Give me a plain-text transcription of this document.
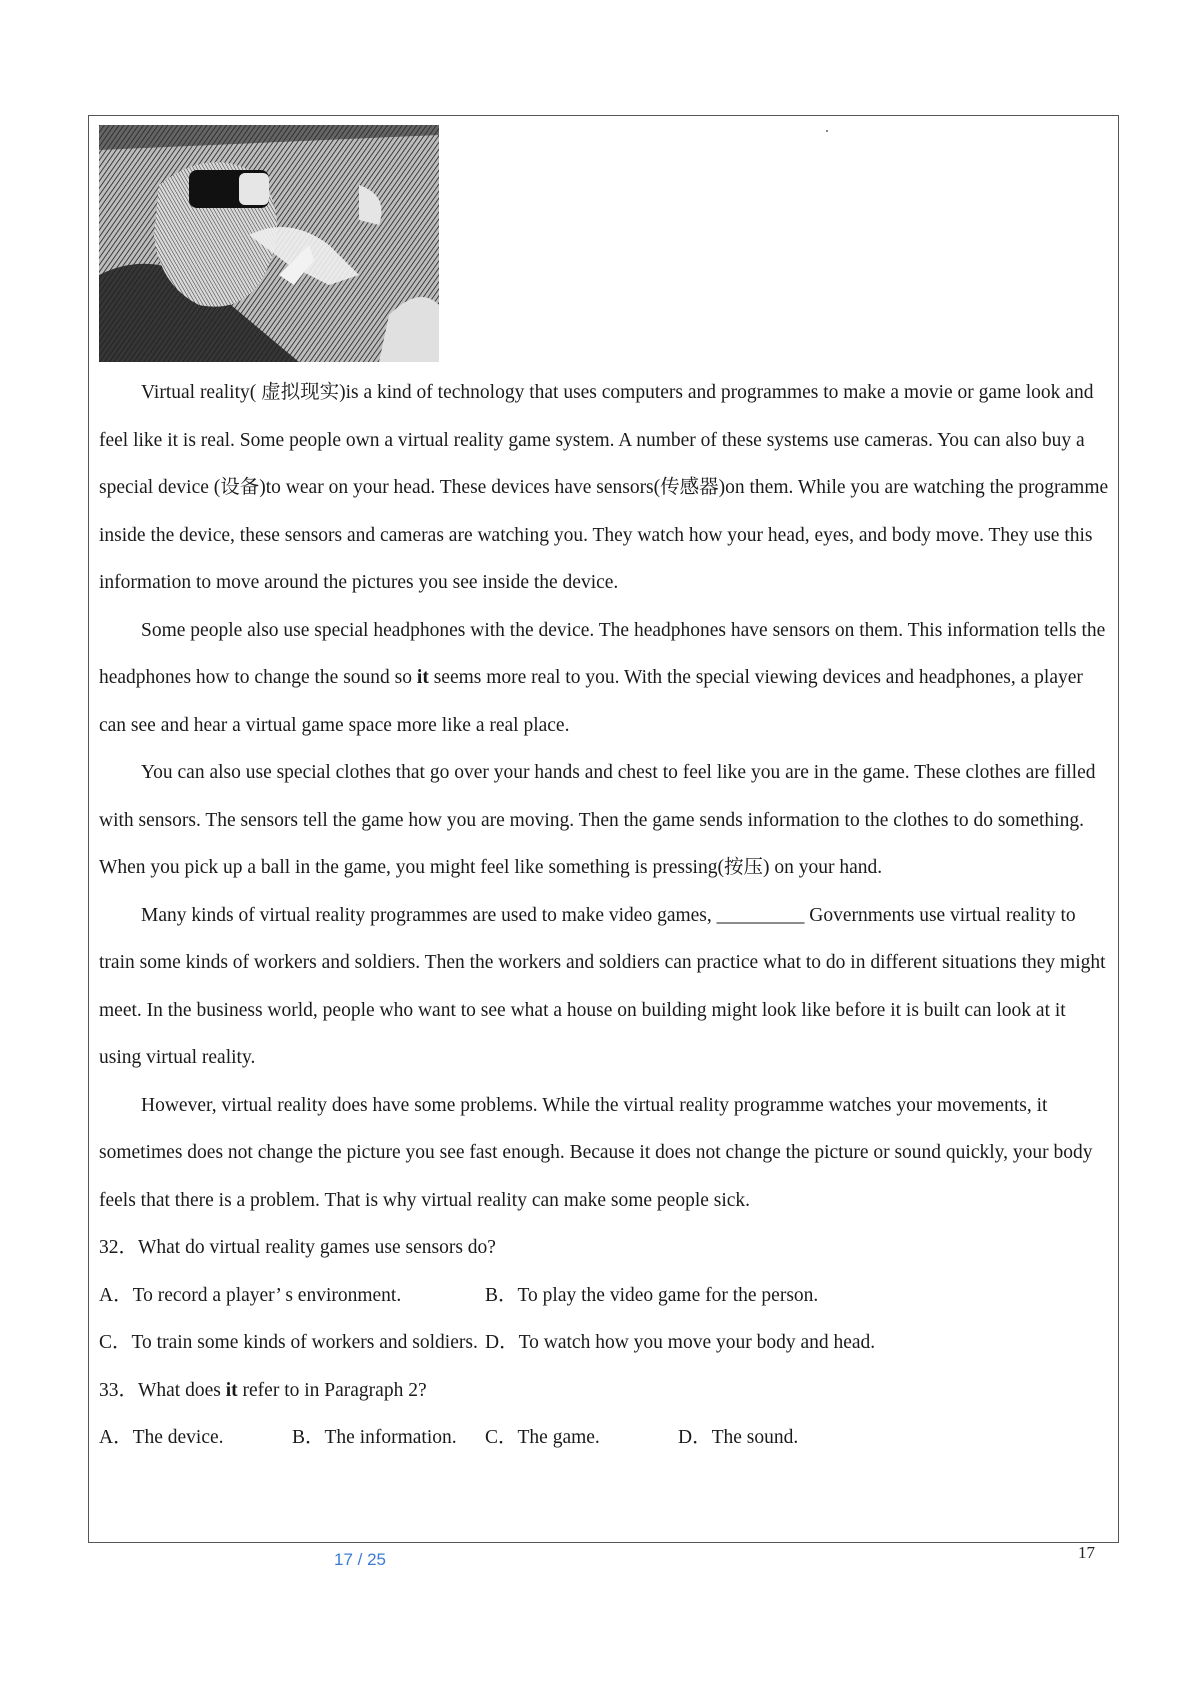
Virtual reality( 虚拟现实)is a kind of technology that uses computers and programmes to make a movie or game look and feel like it is real. Some people own a virtual reality game system. A number of these systems use cameras. You can also buy a special device (设备)to wear on your head. These devices have sensors(传感器)on them. While you are watching the programme inside the device, these sensors and cameras are watching you. They watch how your head, eyes, and body move. They use this information to move around the pictures you see inside the device.

Some people also use special headphones with the device. The headphones have sensors on them. This information tells the headphones how to change the sound so it seems more real to you. With the special viewing devices and headphones, a player can see and hear a virtual game space more like a real place.

You can also use special clothes that go over your hands and chest to feel like you are in the game. These clothes are filled with sensors. The sensors tell the game how you are moving. Then the game sends information to the clothes to do something. When you pick up a ball in the game, you might feel like something is pressing(按压) on your hand.

Many kinds of virtual reality programmes are used to make video games, _________ Governments use virtual reality to train some kinds of workers and soldiers. Then the workers and soldiers can practice what to do in different situations they might meet. In the business world, people who want to see what a house on building might look like before it is built can look at it using virtual reality.

However, virtual reality does have some problems. While the virtual reality programme watches your movements, it sometimes does not change the picture you see fast enough. Because it does not change the picture or sound quickly, your body feels that there is a problem. That is why virtual reality can make some people sick.

32．What do virtual reality games use sensors do?

A．To record a player’ s environment.	B．To play the video game for the person.
C．To train some kinds of workers and soldiers. D．To watch how you move your body and head.

33．What does it refer to in Paragraph 2?

A．The device.	B．The information. C．The game.	D．The sound.
17 / 25	17
